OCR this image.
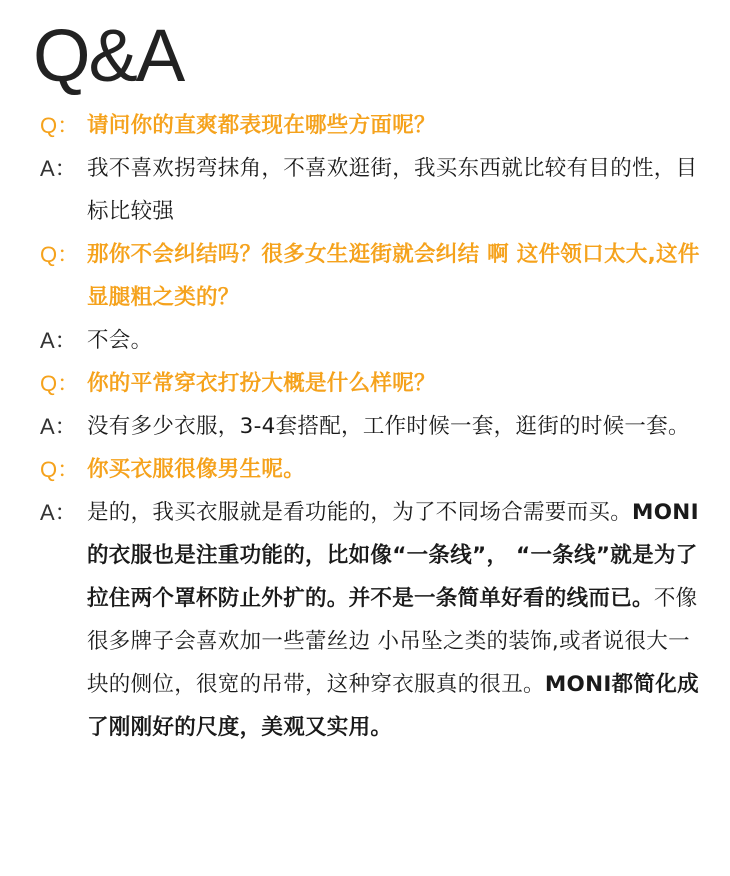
Q&A
Q： 请问你的直爽都表现在哪些方面呢？
A： 我不喜欢拐弯抹角，不喜欢逛街，我买东西就比较有目的性，目标比较强
Q： 那你不会纠结吗？很多女生逛街就会纠结 啊 这件领口太大,这件显腿粗之类的？
A： 不会。
Q： 你的平常穿衣打扮大概是什么样呢？
A： 没有多少衣服，3-4套搭配，工作时候一套，逛街的时候一套。
Q： 你买衣服很像男生呢。
A： 是的，我买衣服就是看功能的，为了不同场合需要而买。MONI的衣服也是注重功能的，比如像“一条线”， “一条线”就是为了拉住两个罩杯防止外扩的。并不是一条简单好看的线而已。不像很多牌子会喜欢加一些蕾丝边 小吊坠之类的装饰,或者说很大一块的侧位，很宽的吊带，这种穿衣服真的很丑。MONI都简化成了刚刚好的尺度，美观又实用。
